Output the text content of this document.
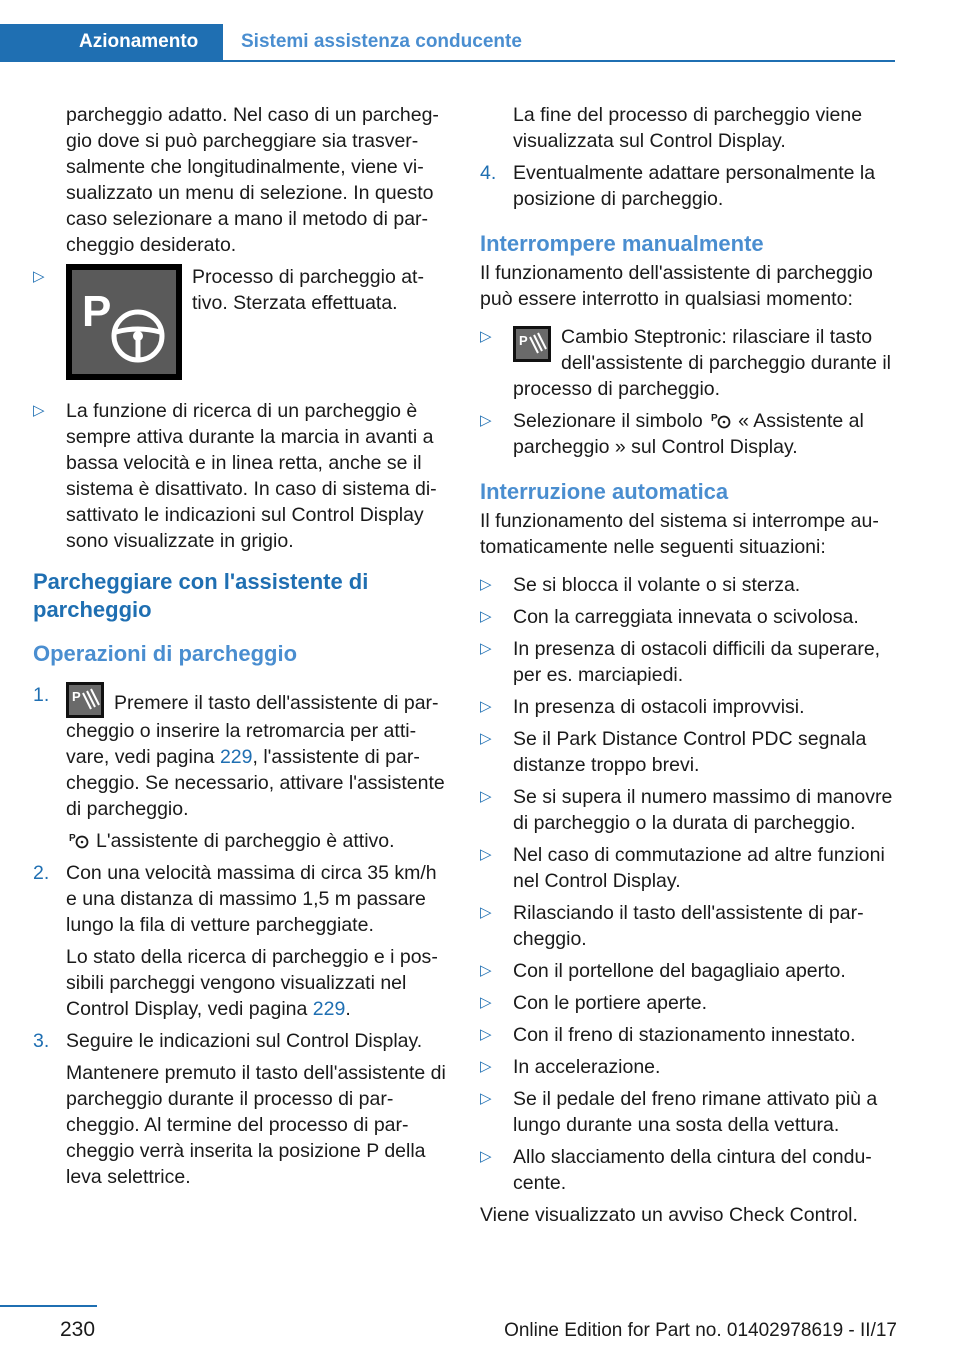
Azionamento	Sistemi assistenza conducente
parcheggio adatto. Nel caso di un parcheggio dove si può parcheggiare sia trasversalmente che longitudinalmente, viene visualizzato un menu di selezione. In questo caso selezionare a mano il metodo di parcheggio desiderato.
▷
P
Processo di parcheggio attivo. Sterzata effettuata.
▷ La funzione di ricerca di un parcheggio è sempre attiva durante la marcia in avanti a bassa velocità e in linea retta, anche se il sistema è disattivato. In caso di sistema disattivato le indicazioni sul Control Display sono visualizzate in grigio.
Parcheggiare con l'assistente di parcheggio
Operazioni di parcheggio
1. P Premere il tasto dell'assistente di parcheggio o inserire la retromarcia per attivare, vedi pagina 229, l'assistente di parcheggio. Se necessario, attivare l'assistente di parcheggio.
P L'assistente di parcheggio è attivo.
2. Con una velocità massima di circa 35 km/h e una distanza di massimo 1,5 m passare lungo la fila di vetture parcheggiate.
Lo stato della ricerca di parcheggio e i possibili parcheggi vengono visualizzati nel Control Display, vedi pagina 229.
3. Seguire le indicazioni sul Control Display.
Mantenere premuto il tasto dell'assistente di parcheggio durante il processo di parcheggio. Al termine del processo di parcheggio verrà inserita la posizione P della leva selettrice.
La fine del processo di parcheggio viene visualizzata sul Control Display.
4. Eventualmente adattare personalmente la posizione di parcheggio.
Interrompere manualmente
Il funzionamento dell'assistente di parcheggio può essere interrotto in qualsiasi momento:
▷ P Cambio Steptronic: rilasciare il tasto dell'assistente di parcheggio durante il processo di parcheggio.
▷ Selezionare il simbolo P « Assistente al parcheggio » sul Control Display.
Interruzione automatica
Il funzionamento del sistema si interrompe automaticamente nelle seguenti situazioni:
▷ Se si blocca il volante o si sterza.
▷ Con la carreggiata innevata o scivolosa.
▷ In presenza di ostacoli difficili da superare, per es. marciapiedi.
▷ In presenza di ostacoli improvvisi.
▷ Se il Park Distance Control PDC segnala distanze troppo brevi.
▷ Se si supera il numero massimo di manovre di parcheggio o la durata di parcheggio.
▷ Nel caso di commutazione ad altre funzioni nel Control Display.
▷ Rilasciando il tasto dell'assistente di parcheggio.
▷ Con il portellone del bagagliaio aperto.
▷ Con le portiere aperte.
▷ Con il freno di stazionamento innestato.
▷ In accelerazione.
▷ Se il pedale del freno rimane attivato più a lungo durante una sosta della vettura.
▷ Allo slacciamento della cintura del conducente.
Viene visualizzato un avviso Check Control.
230	Online Edition for Part no. 01402978619 - II/17
